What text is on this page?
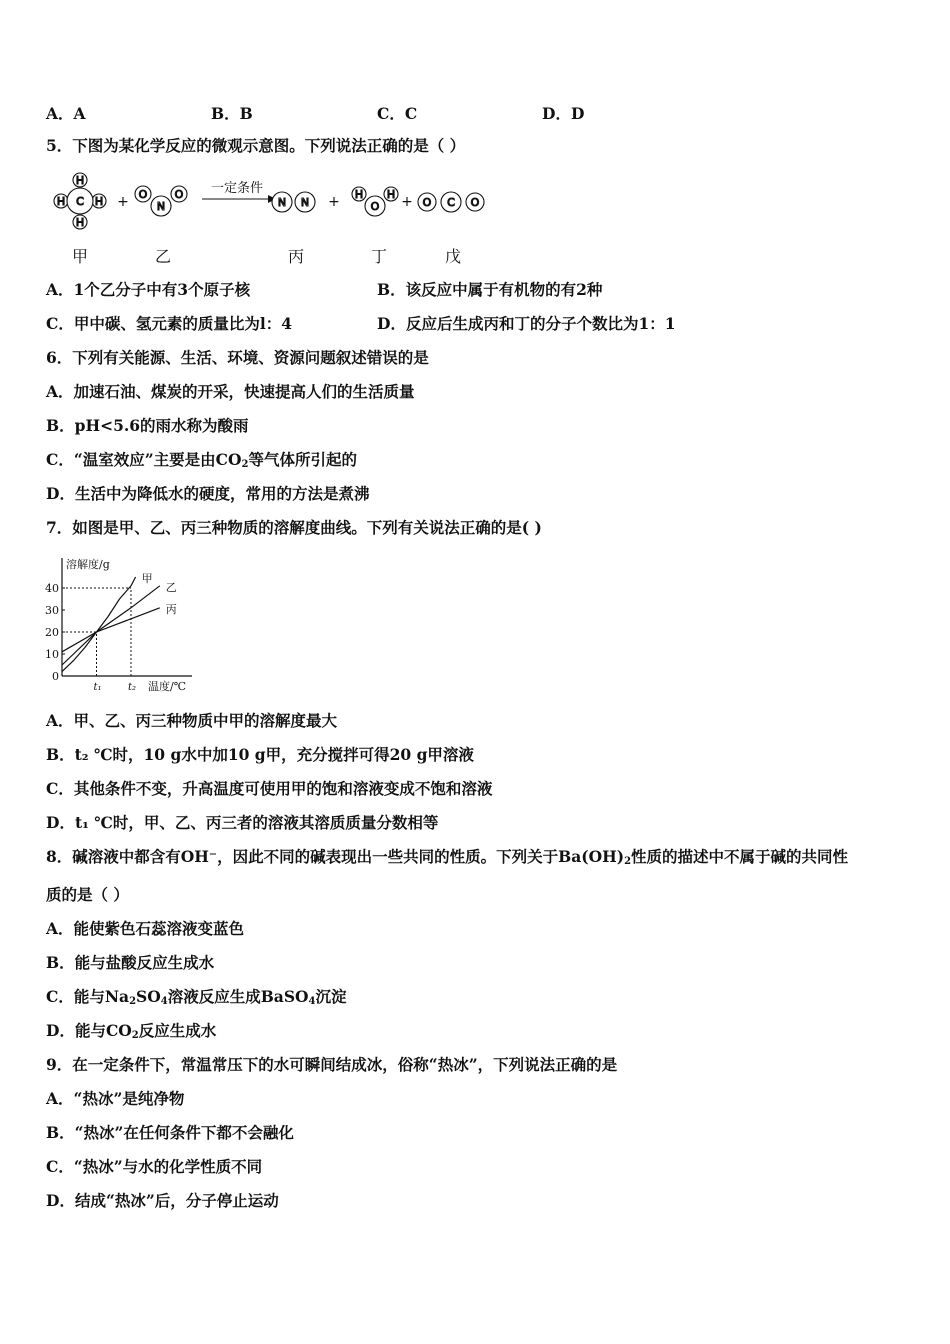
A．A	B．B	C．C	D．D
5．下图为某化学反应的微观示意图。下列说法正确的是（ ）
H
H	H
H
C + O O
N
一定条件
N N + H H
O + O C O
甲	乙	丙	丁	戊
A．1个乙分子中有3个原子核	B．该反应中属于有机物的有2种
C．甲中碳、氢元素的质量比为l：4	D．反应后生成丙和丁的分子个数比为1：1
6．下列有关能源、生活、环境、资源问题叙述错误的是
A．加速石油、煤炭的开采，快速提高人们的生活质量
B．pH<5.6的雨水称为酸雨
C．“温室效应”主要是由$CO_2$等气体所引起的
D．生活中为降低水的硬度，常用的方法是煮沸
7．如图是甲、乙、丙三种物质的溶解度曲线。下列有关说法正确的是( )
溶解度/g
温度/℃
40
30
20
10
0
t₁	t₂
甲
乙
丙
A．甲、乙、丙三种物质中甲的溶解度最大
B．t₂ ℃时，10 g水中加10 g甲，充分搅拌可得20 g甲溶液
C．其他条件不变，升高温度可使用甲的饱和溶液变成不饱和溶液
D．t₁ ℃时，甲、乙、丙三者的溶液其溶质质量分数相等
8．碱溶液中都含有OH⁻，因此不同的碱表现出一些共同的性质。下列关于$Ba(OH)_2$性质的描述中不属于碱的共同性
质的是（ ）
A．能使紫色石蕊溶液变蓝色
B．能与盐酸反应生成水
C．能与$Na_2SO_4$溶液反应生成BaSO$_4$沉淀
D．能与$CO_2$反应生成水
9．在一定条件下，常温常压下的水可瞬间结成冰，俗称“热冰”，下列说法正确的是
A．“热冰”是纯净物
B．“热冰”在任何条件下都不会融化
C．“热冰”与水的化学性质不同
D．结成“热冰”后，分子停止运动
